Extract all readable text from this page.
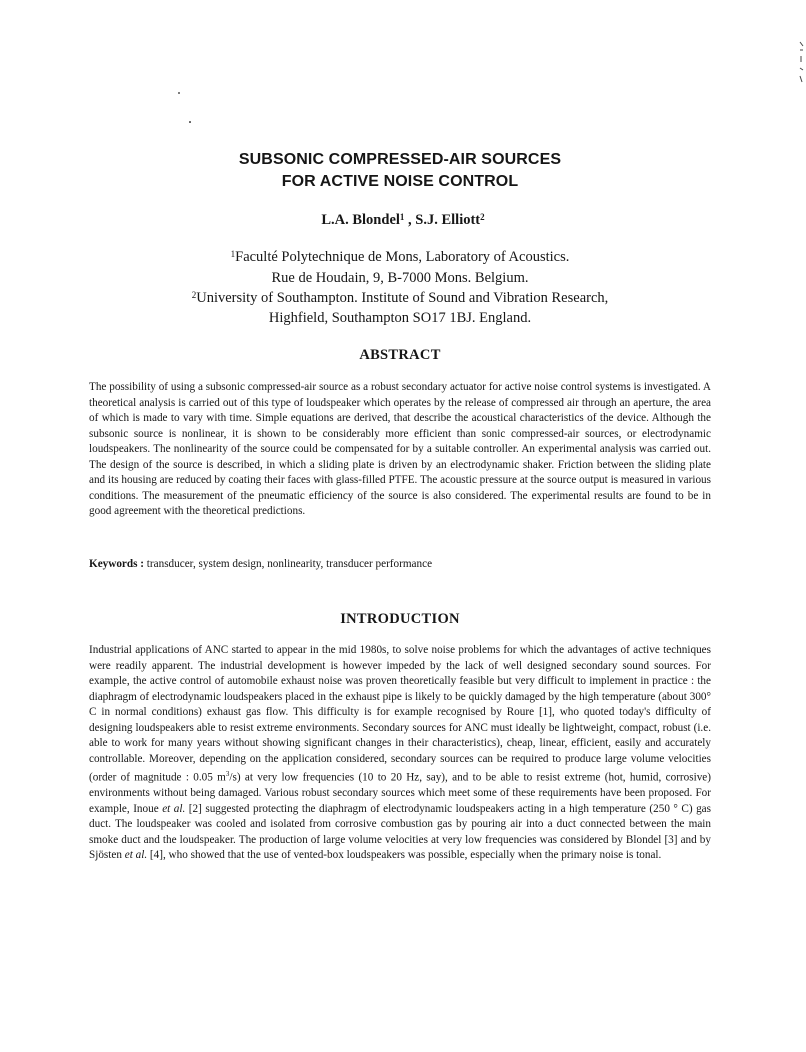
SUBSONIC COMPRESSED-AIR SOURCES
FOR ACTIVE NOISE CONTROL
L.A. Blondel$^1$ , S.J. Elliott$^2$
$^1$Faculté Polytechnique de Mons, Laboratory of Acoustics.
Rue de Houdain, 9, B-7000 Mons. Belgium.
$^2$University of Southampton. Institute of Sound and Vibration Research,
Highfield, Southampton SO17 1BJ. England.
ABSTRACT
The possibility of using a subsonic compressed-air source as a robust secondary actuator for active noise control systems is investigated. A theoretical analysis is carried out of this type of loudspeaker which operates by the release of compressed air through an aperture, the area of which is made to vary with time. Simple equations are derived, that describe the acoustical characteristics of the device. Although the subsonic source is nonlinear, it is shown to be considerably more efficient than sonic compressed-air sources, or electrodynamic loudspeakers. The nonlinearity of the source could be compensated for by a suitable controller. An experimental analysis was carried out. The design of the source is described, in which a sliding plate is driven by an electrodynamic shaker. Friction between the sliding plate and its housing are reduced by coating their faces with glass-filled PTFE. The acoustic pressure at the source output is measured in various conditions. The measurement of the pneumatic efficiency of the source is also considered. The experimental results are found to be in good agreement with the theoretical predictions.
Keywords : transducer, system design, nonlinearity, transducer performance
INTRODUCTION
Industrial applications of ANC started to appear in the mid 1980s, to solve noise problems for which the advantages of active techniques were readily apparent. The industrial development is however impeded by the lack of well designed secondary sound sources. For example, the active control of automobile exhaust noise was proven theoretically feasible but very difficult to implement in practice : the diaphragm of electrodynamic loudspeakers placed in the exhaust pipe is likely to be quickly damaged by the high temperature (about 300° C in normal conditions) exhaust gas flow. This difficulty is for example recognised by Roure [1], who quoted today's difficulty of designing loudspeakers able to resist extreme environments. Secondary sources for ANC must ideally be lightweight, compact, robust (i.e. able to work for many years without showing significant changes in their characteristics), cheap, linear, efficient, easily and accurately controllable. Moreover, depending on the application considered, secondary sources can be required to produce large volume velocities (order of magnitude : 0.05 $m^3/s$) at very low frequencies (10 to 20 Hz, say), and to be able to resist extreme (hot, humid, corrosive) environments without being damaged. Various robust secondary sources which meet some of these requirements have been proposed. For example, Inoue et al. [2] suggested protecting the diaphragm of electrodynamic loudspeakers acting in a high temperature (250 ° C) gas duct. The loudspeaker was cooled and isolated from corrosive combustion gas by pouring air into a duct connected between the main smoke duct and the loudspeaker. The production of large volume velocities at very low frequencies was considered by Blondel [3] and by Sjösten et al. [4], who showed that the use of vented-box loudspeakers was possible, especially when the primary noise is tonal.
